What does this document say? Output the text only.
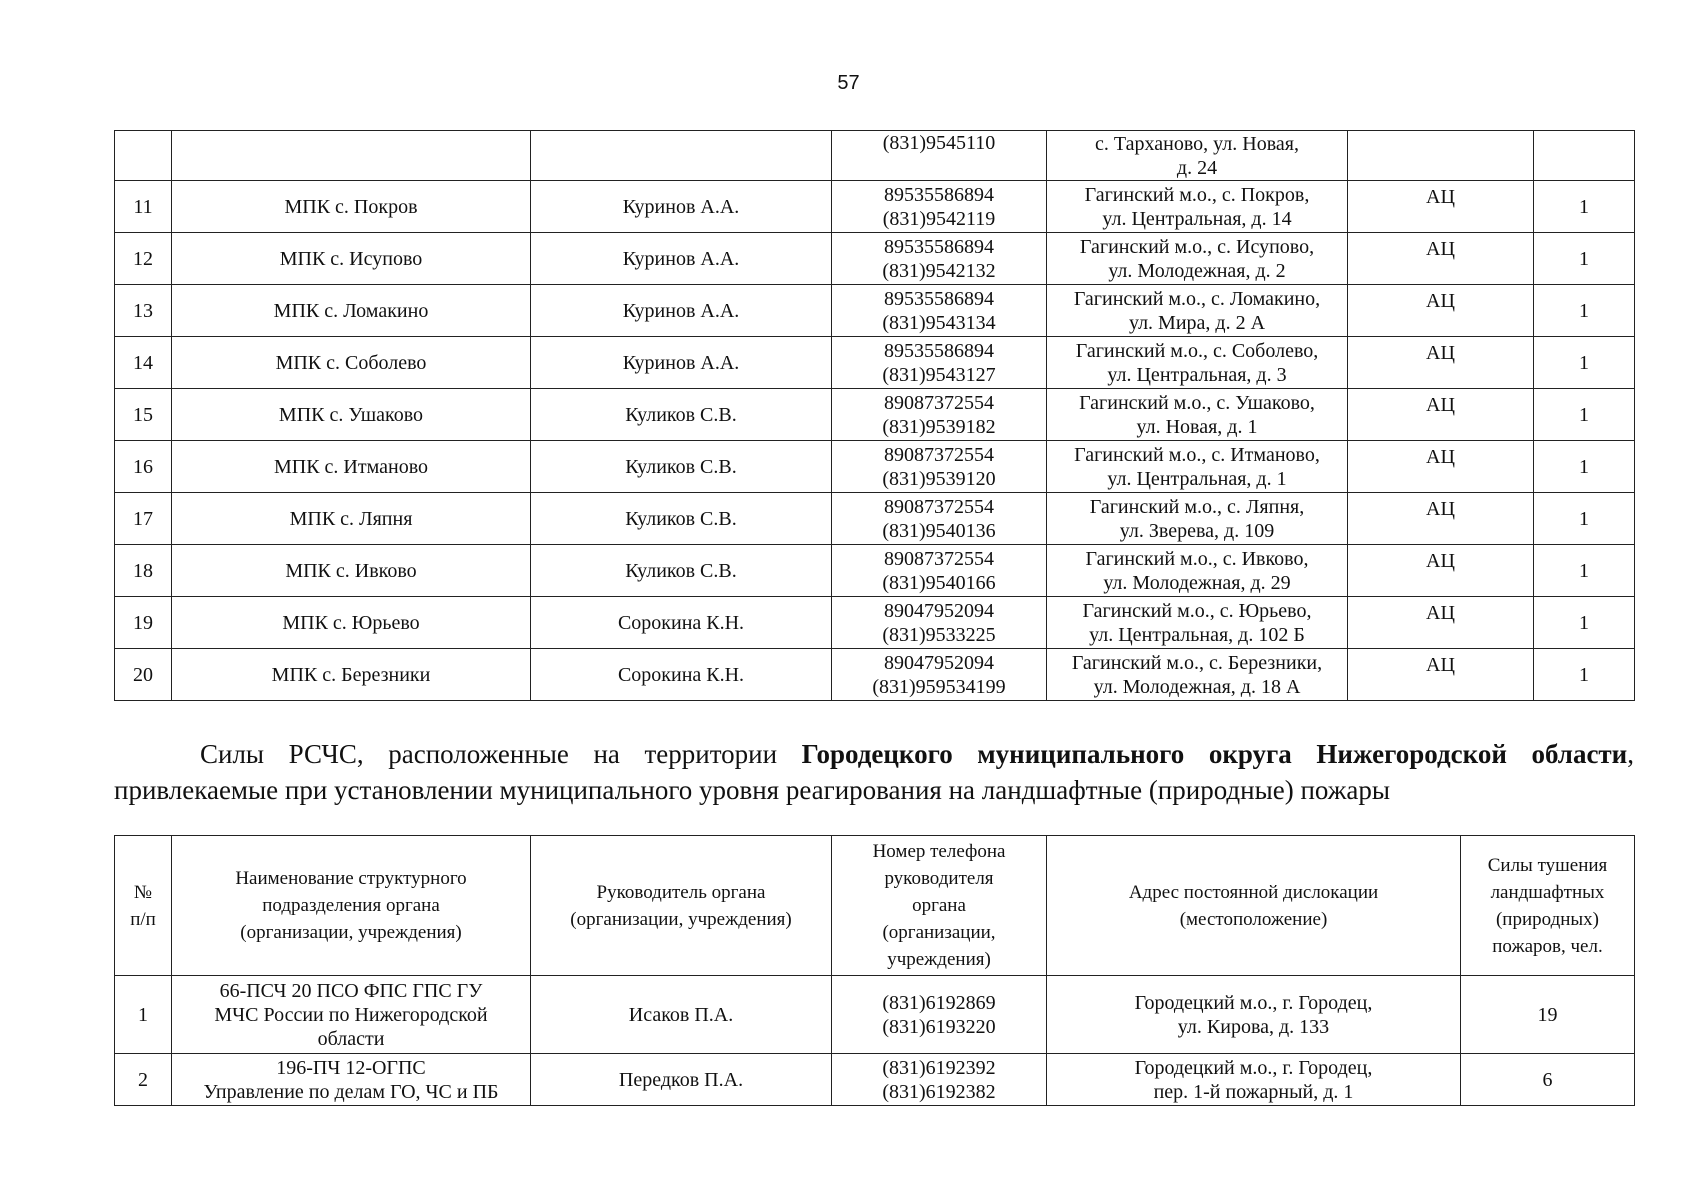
57
			(831)9545110	с. Тарханово, ул. Новая,
д. 24		

11	МПК с. Покров	Куринов А.А.	89535586894
(831)9542119	Гагинский м.о., с. Покров,
ул. Центральная, д. 14	АЦ	1
12	МПК с. Исупово	Куринов А.А.	89535586894
(831)9542132	Гагинский м.о., с. Исупово,
ул. Молодежная, д. 2	АЦ	1
13	МПК с. Ломакино	Куринов А.А.	89535586894
(831)9543134	Гагинский м.о., с. Ломакино,
ул. Мира, д. 2 А	АЦ	1
14	МПК с. Соболево	Куринов А.А.	89535586894
(831)9543127	Гагинский м.о., с. Соболево,
ул. Центральная, д. 3	АЦ	1
15	МПК с. Ушаково	Куликов С.В.	89087372554
(831)9539182	Гагинский м.о., с. Ушаково,
ул. Новая, д. 1	АЦ	1
16	МПК с. Итманово	Куликов С.В.	89087372554
(831)9539120	Гагинский м.о., с. Итманово,
ул. Центральная, д. 1	АЦ	1
17	МПК с. Ляпня	Куликов С.В.	89087372554
(831)9540136	Гагинский м.о., с. Ляпня,
ул. Зверева, д. 109	АЦ	1
18	МПК с. Ивково	Куликов С.В.	89087372554
(831)9540166	Гагинский м.о., с. Ивково,
ул. Молодежная, д. 29	АЦ	1
19	МПК с. Юрьево	Сорокина К.Н.	89047952094
(831)9533225	Гагинский м.о., с. Юрьево,
ул. Центральная, д. 102 Б	АЦ	1
20	МПК с. Березники	Сорокина К.Н.	89047952094
(831)959534199	Гагинский м.о., с. Березники,
ул. Молодежная, д. 18 А	АЦ	1

Силы РСЧС, расположенные на территории Городецкого муниципального округа Нижегородской области,

привлекаемые при установлении муниципального уровня реагирования на ландшафтные (природные) пожары

№
п/п	Наименование структурного
подразделения органа
(организации, учреждения)	Руководитель органа
(организации, учреждения)	Номер телефона
руководителя
органа
(организации,
учреждения)	Адрес постоянной дислокации
(местоположение)	Силы тушения
ландшафтных
(природных)
пожаров, чел.

1	66-ПСЧ 20 ПСО ФПС ГПС ГУ
МЧС России по Нижегородской
области	Исаков П.А.	(831)6192869
(831)6193220	Городецкий м.о., г. Городец,
ул. Кирова, д. 133	19
2	196-ПЧ 12-ОГПС
Управление по делам ГО, ЧС и ПБ	Передков П.А.	(831)6192392
(831)6192382	Городецкий м.о., г. Городец,
пер. 1-й пожарный, д. 1	6
